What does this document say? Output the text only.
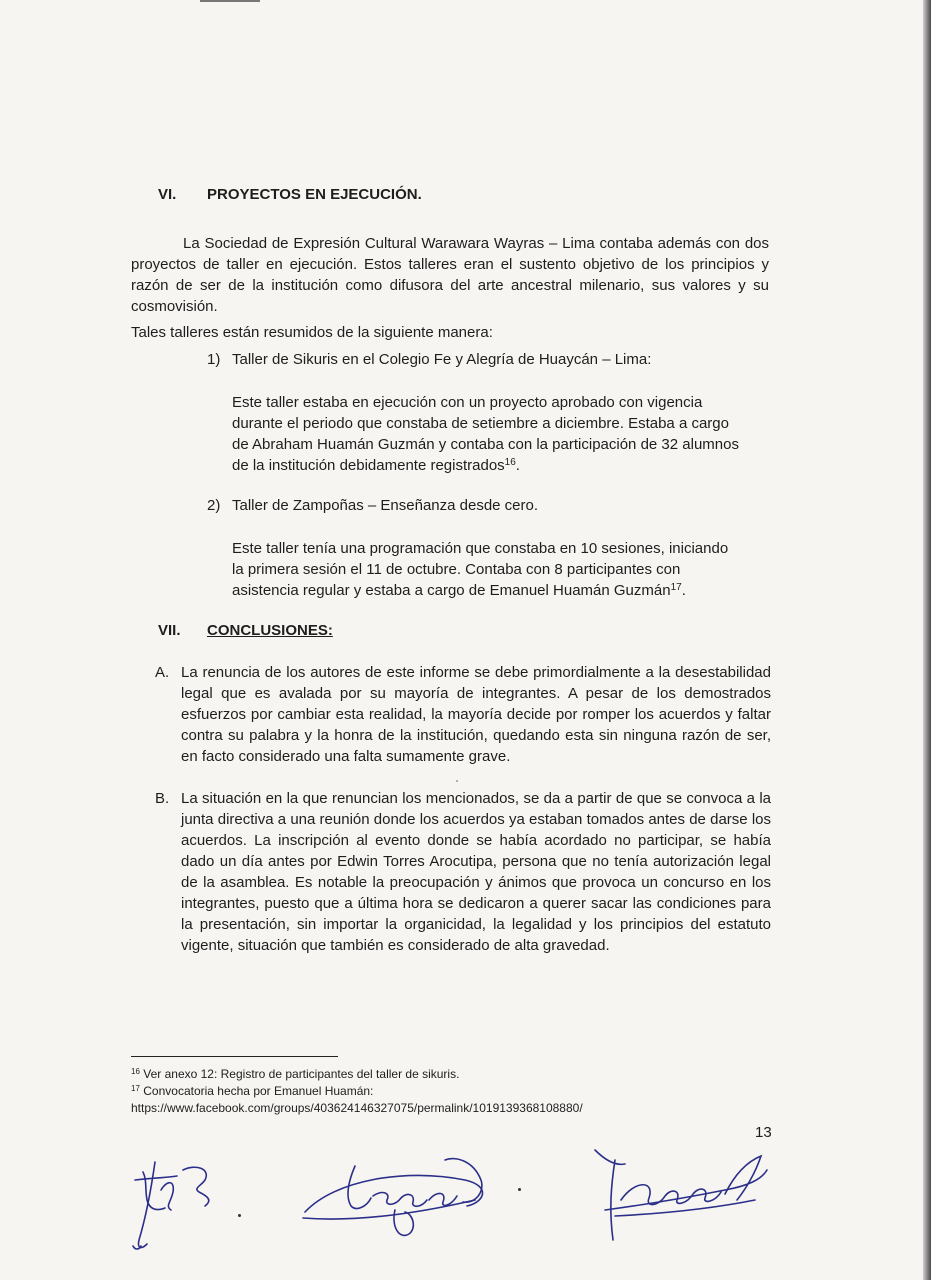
VI. PROYECTOS EN EJECUCIÓN.
La Sociedad de Expresión Cultural Warawara Wayras – Lima contaba además con dos proyectos de taller en ejecución. Estos talleres eran el sustento objetivo de los principios y razón de ser de la institución como difusora del arte ancestral milenario, sus valores y su cosmovisión.
Tales talleres están resumidos de la siguiente manera:
1) Taller de Sikuris en el Colegio Fe y Alegría de Huaycán – Lima:
Este taller estaba en ejecución con un proyecto aprobado con vigencia
durante el periodo que constaba de setiembre a diciembre. Estaba a cargo
de Abraham Huamán Guzmán y contaba con la participación de 32 alumnos
de la institución debidamente registrados$^{16}$.
2) Taller de Zampoñas – Enseñanza desde cero.
Este taller tenía una programación que constaba en 10 sesiones, iniciando
la primera sesión el 11 de octubre. Contaba con 8 participantes con
asistencia regular y estaba a cargo de Emanuel Huamán Guzmán$^{17}$.
VII. CONCLUSIONES:
A. La renuncia de los autores de este informe se debe primordialmente a la desestabilidad legal que es avalada por su mayoría de integrantes. A pesar de los demostrados esfuerzos por cambiar esta realidad, la mayoría decide por romper los acuerdos y faltar contra su palabra y la honra de la institución, quedando esta sin ninguna razón de ser, en facto considerado una falta sumamente grave.
B. La situación en la que renuncian los mencionados, se da a partir de que se convoca a la junta directiva a una reunión donde los acuerdos ya estaban tomados antes de darse los acuerdos. La inscripción al evento donde se había acordado no participar, se había dado un día antes por Edwin Torres Arocutipa, persona que no tenía autorización legal de la asamblea. Es notable la preocupación y ánimos que provoca un concurso en los integrantes, puesto que a última hora se dedicaron a querer sacar las condiciones para la presentación, sin importar la organicidad, la legalidad y los principios del estatuto vigente, situación que también es considerado de alta gravedad.
$^{16}$ Ver anexo 12: Registro de participantes del taller de sikuris.
$^{17}$ Convocatoria hecha por Emanuel Huamán:
https://www.facebook.com/groups/403624146327075/permalink/1019139368108880/
13
